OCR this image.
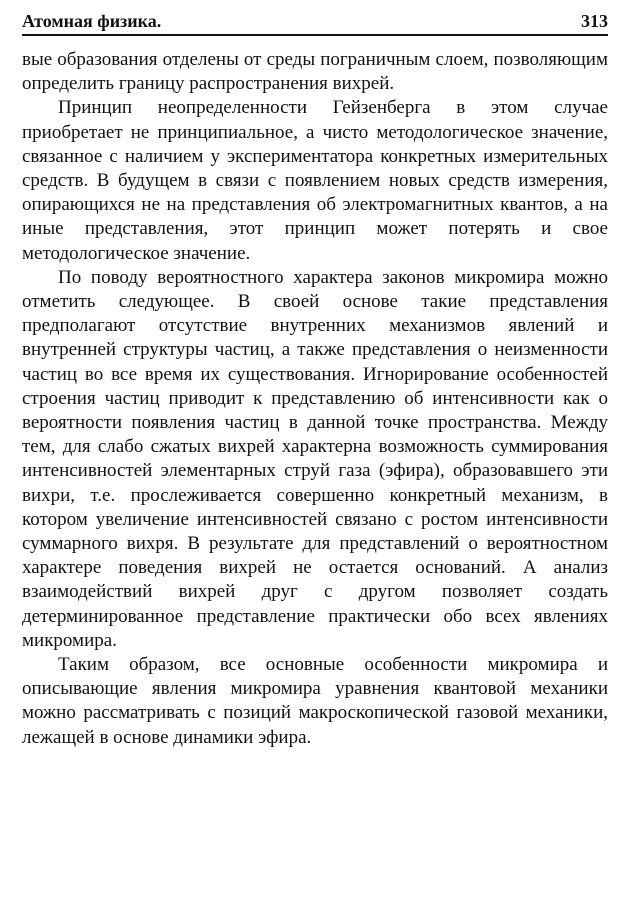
Атомная физика.	313

вые образования отделены от среды пограничным слоем, позволяющим определить границу распространения вихрей.

Принцип неопределенности Гейзенберга в этом случае приобретает не принципиальное, а чисто методологическое значение, связанное с наличием у экспериментатора конкретных измерительных средств. В будущем в связи с появлением новых средств измерения, опирающихся не на представления об электромагнитных квантов, а на иные представления, этот принцип может потерять и свое методологическое значение.

По поводу вероятностного характера законов микромира можно отметить следующее. В своей основе такие представления предполагают отсутствие внутренних механизмов явлений и внутренней структуры частиц, а также представления о неизменности частиц во все время их существования. Игнорирование особенностей строения частиц приводит к представлению об интенсивности как о вероятности появления частиц в данной точке пространства. Между тем, для слабо сжатых вихрей характерна возможность суммирования интенсивностей элементарных струй газа (эфира), образовавшего эти вихри, т.е. прослеживается совершенно конкретный механизм, в котором увеличение интенсивностей связано с ростом интенсивности суммарного вихря. В результате для представлений о вероятностном характере поведения вихрей не остается оснований. А анализ взаимодействий вихрей друг с другом позволяет создать детерминированное представление практически обо всех явлениях микромира.

Таким образом, все основные особенности микромира и описывающие явления микромира уравнения квантовой механики можно рассматривать с позиций макроскопической газовой механики, лежащей в основе динамики эфира.
